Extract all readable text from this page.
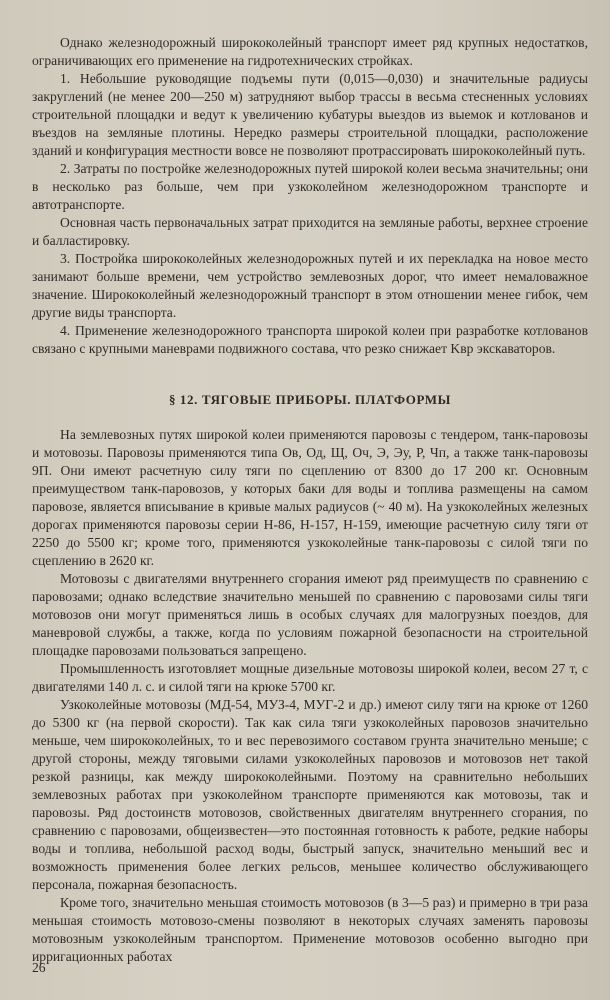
Однако железнодорожный ширококолейный транспорт имеет ряд крупных недостатков, ограничивающих его применение на гидротехнических стройках.

1. Небольшие руководящие подъемы пути (0,015—0,030) и значительные радиусы закруглений (не менее 200—250 м) затрудняют выбор трассы в весьма стесненных условиях строительной площадки и ведут к увеличению кубатуры выездов из выемок и котлованов и въездов на земляные плотины. Нередко размеры строительной площадки, расположение зданий и конфигурация местности вовсе не позволяют протрассировать ширококолейный путь.

2. Затраты по постройке железнодорожных путей широкой колеи весьма значительны; они в несколько раз больше, чем при узкоколейном железнодорожном транспорте и автотранспорте.

Основная часть первоначальных затрат приходится на земляные работы, верхнее строение и балластировку.

3. Постройка ширококолейных железнодорожных путей и их перекладка на новое место занимают больше времени, чем устройство землевозных дорог, что имеет немаловажное значение. Ширококолейный железнодорожный транспорт в этом отношении менее гибок, чем другие виды транспорта.

4. Применение железнодорожного транспорта широкой колеи при разработке котлованов связано с крупными маневрами подвижного состава, что резко снижает Kвр экскаваторов.

§ 12. ТЯГОВЫЕ ПРИБОРЫ. ПЛАТФОРМЫ

На землевозных путях широкой колеи применяются паровозы с тендером, танк-паровозы и мотовозы. Паровозы применяются типа Ов, Од, Щ, Оч, Э, Эу, Р, Чп, а также танк-паровозы 9П. Они имеют расчетную силу тяги по сцеплению от 8300 до 17 200 кг. Основным преимуществом танк-паровозов, у которых баки для воды и топлива размещены на самом паровозе, является вписывание в кривые малых радиусов (~ 40 м). На узкоколейных железных дорогах применяются паровозы серии Н-86, Н-157, Н-159, имеющие расчетную силу тяги от 2250 до 5500 кг; кроме того, применяются узкоколейные танк-паровозы с силой тяги по сцеплению в 2620 кг.

Мотовозы с двигателями внутреннего сгорания имеют ряд преимуществ по сравнению с паровозами; однако вследствие значительно меньшей по сравнению с паровозами силы тяги мотовозов они могут применяться лишь в особых случаях для малогрузных поездов, для маневровой службы, а также, когда по условиям пожарной безопасности на строительной площадке паровозами пользоваться запрещено.

Промышленность изготовляет мощные дизельные мотовозы широкой колеи, весом 27 т, с двигателями 140 л. с. и силой тяги на крюке 5700 кг.

Узкоколейные мотовозы (МД-54, МУЗ-4, МУГ-2 и др.) имеют силу тяги на крюке от 1260 до 5300 кг (на первой скорости). Так как сила тяги узкоколейных паровозов значительно меньше, чем ширококолейных, то и вес перевозимого составом грунта значительно меньше; с другой стороны, между тяговыми силами узкоколейных паровозов и мотовозов нет такой резкой разницы, как между ширококолейными. Поэтому на сравнительно небольших землевозных работах при узкоколейном транспорте применяются как мотовозы, так и паровозы. Ряд достоинств мотовозов, свойственных двигателям внутреннего сгорания, по сравнению с паровозами, общеизвестен—это постоянная готовность к работе, редкие наборы воды и топлива, небольшой расход воды, быстрый запуск, значительно меньший вес и возможность применения более легких рельсов, меньшее количество обслуживающего персонала, пожарная безопасность.

Кроме того, значительно меньшая стоимость мотовозов (в 3—5 раз) и примерно в три раза меньшая стоимость мотовозо-смены позволяют в некоторых случаях заменять паровозы мотовозным узкоколейным транспортом. Применение мотовозов особенно выгодно при ирригационных работах

26
